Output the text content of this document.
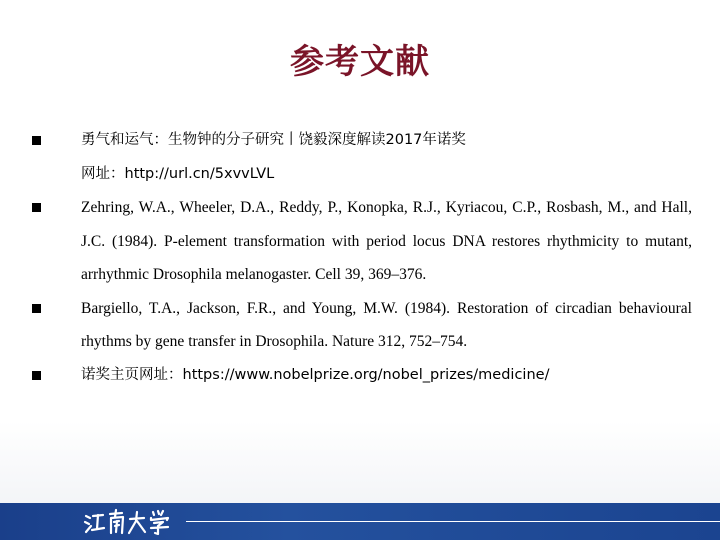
参考文献
勇气和运气：生物钟的分子研究丨饶毅深度解读2017年诺奖
网址：http://url.cn/5xvvLVL
Zehring, W.A., Wheeler, D.A., Reddy, P., Konopka, R.J., Kyriacou, C.P., Rosbash, M., and Hall, J.C. (1984). P-element transformation with period locus DNA restores rhythmicity to mutant, arrhythmic Drosophila melanogaster. Cell 39, 369–376.
Bargiello, T.A., Jackson, F.R., and Young, M.W. (1984). Restoration of circadian behavioural rhythms by gene transfer in Drosophila. Nature 312, 752–754.
诺奖主页网址：https://www.nobelprize.org/nobel_prizes/medicine/
